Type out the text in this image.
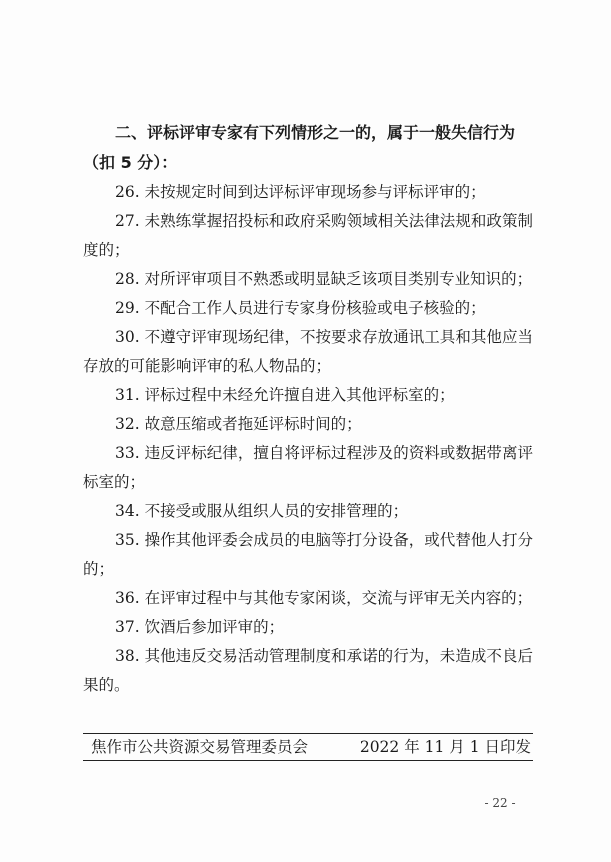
二、评标评审专家有下列情形之一的，属于一般失信行为（扣 5 分）：

26. 未按规定时间到达评标评审现场参与评标评审的；

27. 未熟练掌握招投标和政府采购领域相关法律法规和政策制度的；

28. 对所评审项目不熟悉或明显缺乏该项目类别专业知识的；

29. 不配合工作人员进行专家身份核验或电子核验的；

30. 不遵守评审现场纪律，不按要求存放通讯工具和其他应当存放的可能影响评审的私人物品的；

31. 评标过程中未经允许擅自进入其他评标室的；

32. 故意压缩或者拖延评标时间的；

33. 违反评标纪律，擅自将评标过程涉及的资料或数据带离评标室的；

34. 不接受或服从组织人员的安排管理的；

35. 操作其他评委会成员的电脑等打分设备，或代替他人打分的；

36. 在评审过程中与其他专家闲谈，交流与评审无关内容的；

37. 饮酒后参加评审的；

38. 其他违反交易活动管理制度和承诺的行为，未造成不良后果的。

焦作市公共资源交易管理委员会	2022 年 11 月 1 日印发
- 22 -
